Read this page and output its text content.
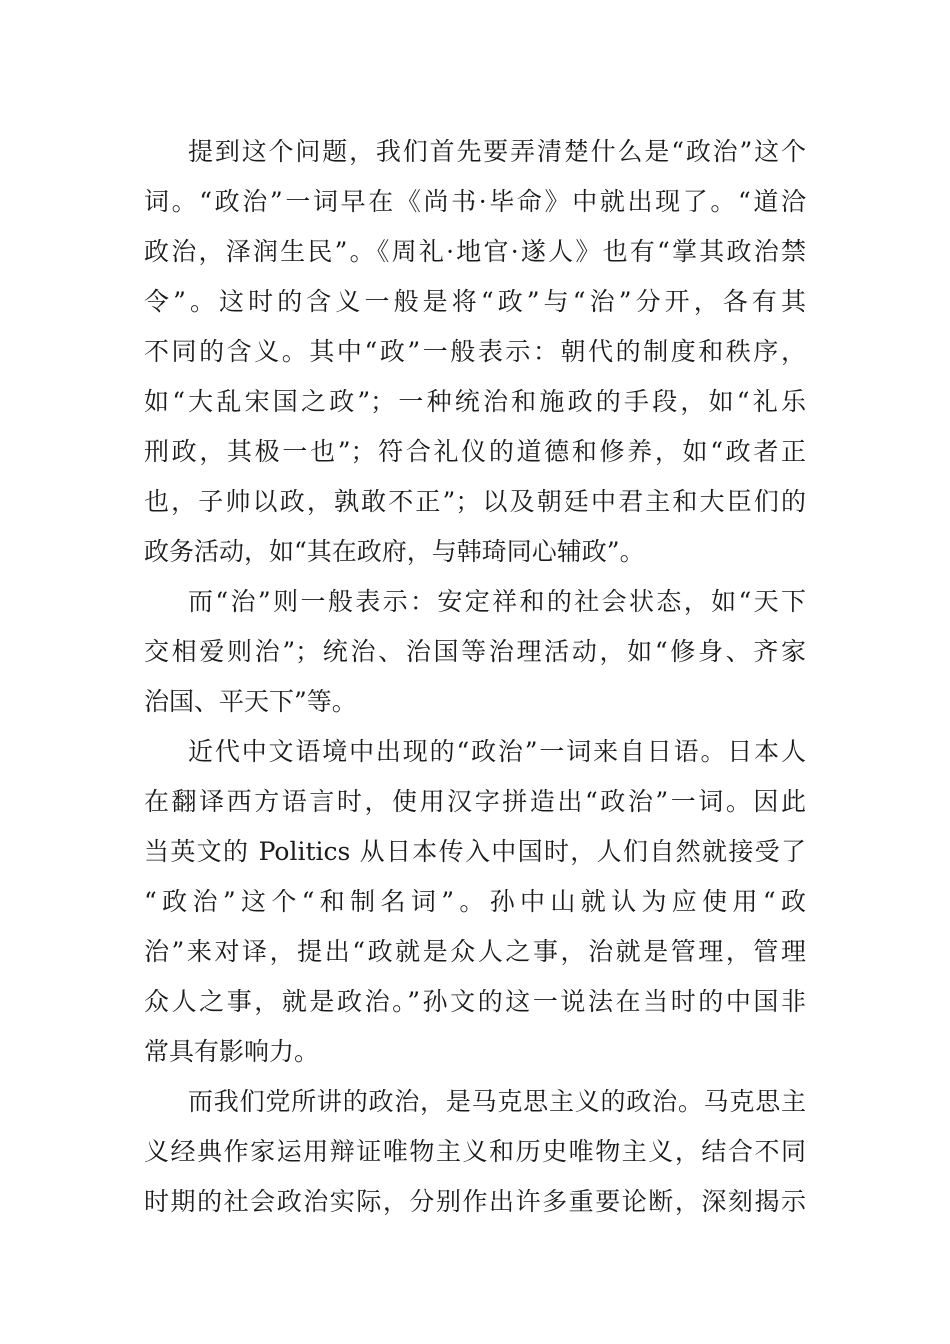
提到这个问题，我们首先要弄清楚什么是“政治”这个
词。“政治”一词早在《尚书·毕命》中就出现了。“道洽
政治，泽润生民”。《周礼·地官·遂人》也有“掌其政治禁
令”。这时的含义一般是将“政”与“治”分开，各有其
不同的含义。其中“政”一般表示：朝代的制度和秩序，
如“大乱宋国之政”；一种统治和施政的手段，如“礼乐
刑政，其极一也”；符合礼仪的道德和修养，如“政者正
也，子帅以政，孰敢不正”；以及朝廷中君主和大臣们的
政务活动，如“其在政府，与韩琦同心辅政”。
而“治”则一般表示：安定祥和的社会状态，如“天下
交相爱则治”；统治、治国等治理活动，如“修身、齐家
治国、平天下”等。
近代中文语境中出现的“政治”一词来自日语。日本人
在翻译西方语言时，使用汉字拼造出“政治”一词。因此
当英文的 Politics 从日本传入中国时，人们自然就接受了
“政治”这个“和制名词”。孙中山就认为应使用“政
治”来对译，提出“政就是众人之事，治就是管理，管理
众人之事，就是政治。”孙文的这一说法在当时的中国非
常具有影响力。
而我们党所讲的政治，是马克思主义的政治。马克思主
义经典作家运用辩证唯物主义和历史唯物主义，结合不同
时期的社会政治实际，分别作出许多重要论断，深刻揭示
